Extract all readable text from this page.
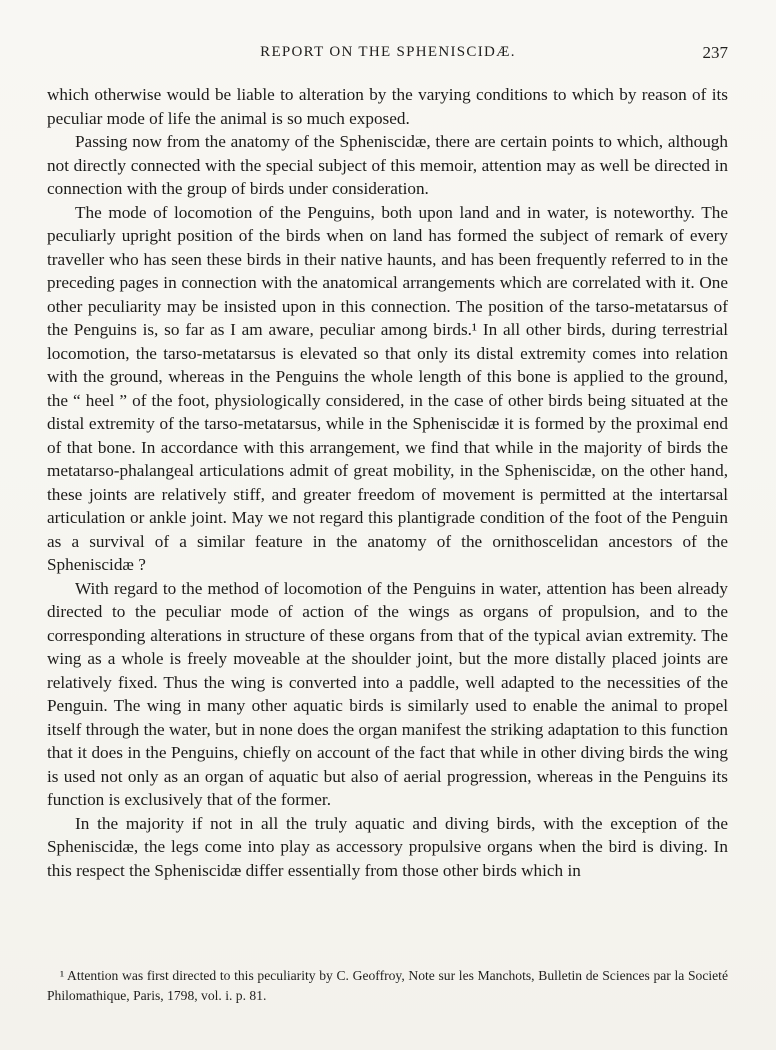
REPORT ON THE SPHENISCIDÆ.	237

which otherwise would be liable to alteration by the varying conditions to which by reason of its peculiar mode of life the animal is so much exposed.

Passing now from the anatomy of the Spheniscidæ, there are certain points to which, although not directly connected with the special subject of this memoir, attention may as well be directed in connection with the group of birds under consideration.

The mode of locomotion of the Penguins, both upon land and in water, is noteworthy. The peculiarly upright position of the birds when on land has formed the subject of remark of every traveller who has seen these birds in their native haunts, and has been frequently referred to in the preceding pages in connection with the anatomical arrangements which are correlated with it. One other peculiarity may be insisted upon in this connection. The position of the tarso-metatarsus of the Penguins is, so far as I am aware, peculiar among birds.¹ In all other birds, during terrestrial locomotion, the tarso-metatarsus is elevated so that only its distal extremity comes into relation with the ground, whereas in the Penguins the whole length of this bone is applied to the ground, the “ heel ” of the foot, physiologically considered, in the case of other birds being situated at the distal extremity of the tarso-metatarsus, while in the Spheniscidæ it is formed by the proximal end of that bone. In accordance with this arrangement, we find that while in the majority of birds the metatarso-phalangeal articulations admit of great mobility, in the Spheniscidæ, on the other hand, these joints are relatively stiff, and greater freedom of movement is permitted at the intertarsal articulation or ankle joint. May we not regard this plantigrade condition of the foot of the Penguin as a survival of a similar feature in the anatomy of the ornithoscelidan ancestors of the Spheniscidæ ?

With regard to the method of locomotion of the Penguins in water, attention has been already directed to the peculiar mode of action of the wings as organs of propulsion, and to the corresponding alterations in structure of these organs from that of the typical avian extremity. The wing as a whole is freely moveable at the shoulder joint, but the more distally placed joints are relatively fixed. Thus the wing is converted into a paddle, well adapted to the necessities of the Penguin. The wing in many other aquatic birds is similarly used to enable the animal to propel itself through the water, but in none does the organ manifest the striking adaptation to this function that it does in the Penguins, chiefly on account of the fact that while in other diving birds the wing is used not only as an organ of aquatic but also of aerial progression, whereas in the Penguins its function is exclusively that of the former.

In the majority if not in all the truly aquatic and diving birds, with the exception of the Spheniscidæ, the legs come into play as accessory propulsive organs when the bird is diving. In this respect the Spheniscidæ differ essentially from those other birds which in

¹ Attention was first directed to this peculiarity by C. Geoffroy, Note sur les Manchots, Bulletin de Sciences par la Societé Philomathique, Paris, 1798, vol. i. p. 81.
